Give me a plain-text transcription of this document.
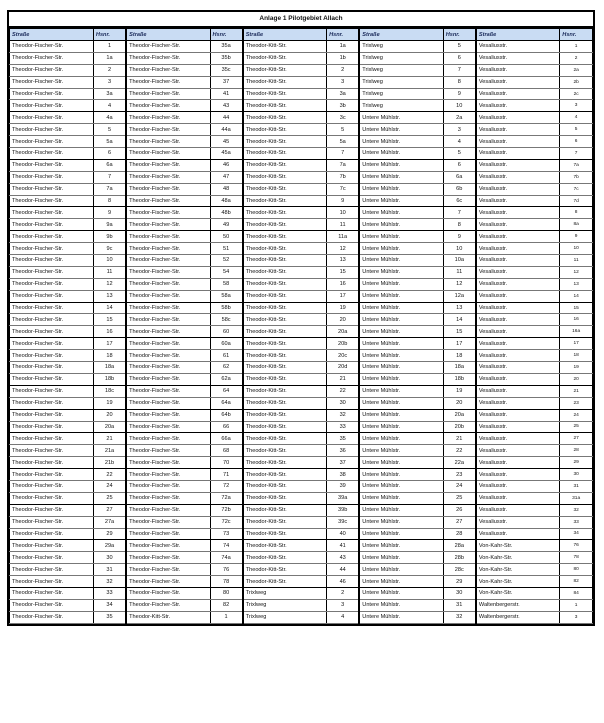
Anlage 1 Pilotgebiet Allach
Straße	Hsnr.	Straße	Hsnr.	Straße	Hsnr.	Straße	Hsnr.	Straße	Hsnr.
Theodor-Fischer-Str.	1	Theodor-Fischer-Str.	35a	Theodor-Kitt-Str.	1a	Trixlweg	5	Vesaliusstr.	1
Theodor-Fischer-Str.	1a	Theodor-Fischer-Str.	35b	Theodor-Kitt-Str.	1b	Trixlweg	6	Vesaliusstr.	2
Theodor-Fischer-Str.	2	Theodor-Fischer-Str.	35c	Theodor-Kitt-Str.	2	Trixlweg	7	Vesaliusstr.	2a
Theodor-Fischer-Str.	3	Theodor-Fischer-Str.	37	Theodor-Kitt-Str.	3	Trixlweg	8	Vesaliusstr.	2b
Theodor-Fischer-Str.	3a	Theodor-Fischer-Str.	41	Theodor-Kitt-Str.	3a	Trixlweg	9	Vesaliusstr.	2c
Theodor-Fischer-Str.	4	Theodor-Fischer-Str.	43	Theodor-Kitt-Str.	3b	Trixlweg	10	Vesaliusstr.	3
Theodor-Fischer-Str.	4a	Theodor-Fischer-Str.	44	Theodor-Kitt-Str.	3c	Untere Mühlstr.	2a	Vesaliusstr.	4
Theodor-Fischer-Str.	5	Theodor-Fischer-Str.	44a	Theodor-Kitt-Str.	5	Untere Mühlstr.	3	Vesaliusstr.	5
Theodor-Fischer-Str.	5a	Theodor-Fischer-Str.	45	Theodor-Kitt-Str.	5a	Untere Mühlstr.	4	Vesaliusstr.	6
Theodor-Fischer-Str.	6	Theodor-Fischer-Str.	45a	Theodor-Kitt-Str.	7	Untere Mühlstr.	5	Vesaliusstr.	7
Theodor-Fischer-Str.	6a	Theodor-Fischer-Str.	46	Theodor-Kitt-Str.	7a	Untere Mühlstr.	6	Vesaliusstr.	7a
Theodor-Fischer-Str.	7	Theodor-Fischer-Str.	47	Theodor-Kitt-Str.	7b	Untere Mühlstr.	6a	Vesaliusstr.	7b
Theodor-Fischer-Str.	7a	Theodor-Fischer-Str.	48	Theodor-Kitt-Str.	7c	Untere Mühlstr.	6b	Vesaliusstr.	7c
Theodor-Fischer-Str.	8	Theodor-Fischer-Str.	48a	Theodor-Kitt-Str.	9	Untere Mühlstr.	6c	Vesaliusstr.	7d
Theodor-Fischer-Str.	9	Theodor-Fischer-Str.	48b	Theodor-Kitt-Str.	10	Untere Mühlstr.	7	Vesaliusstr.	8
Theodor-Fischer-Str.	9a	Theodor-Fischer-Str.	49	Theodor-Kitt-Str.	11	Untere Mühlstr.	8	Vesaliusstr.	8a
Theodor-Fischer-Str.	9b	Theodor-Fischer-Str.	50	Theodor-Kitt-Str.	11a	Untere Mühlstr.	9	Vesaliusstr.	9
Theodor-Fischer-Str.	9c	Theodor-Fischer-Str.	51	Theodor-Kitt-Str.	12	Untere Mühlstr.	10	Vesaliusstr.	10
Theodor-Fischer-Str.	10	Theodor-Fischer-Str.	52	Theodor-Kitt-Str.	13	Untere Mühlstr.	10a	Vesaliusstr.	11
Theodor-Fischer-Str.	11	Theodor-Fischer-Str.	54	Theodor-Kitt-Str.	15	Untere Mühlstr.	11	Vesaliusstr.	12
Theodor-Fischer-Str.	12	Theodor-Fischer-Str.	58	Theodor-Kitt-Str.	16	Untere Mühlstr.	12	Vesaliusstr.	13
Theodor-Fischer-Str.	13	Theodor-Fischer-Str.	58a	Theodor-Kitt-Str.	17	Untere Mühlstr.	12a	Vesaliusstr.	14
Theodor-Fischer-Str.	14	Theodor-Fischer-Str.	58b	Theodor-Kitt-Str.	19	Untere Mühlstr.	13	Vesaliusstr.	15
Theodor-Fischer-Str.	15	Theodor-Fischer-Str.	58c	Theodor-Kitt-Str.	20	Untere Mühlstr.	14	Vesaliusstr.	16
Theodor-Fischer-Str.	16	Theodor-Fischer-Str.	60	Theodor-Kitt-Str.	20a	Untere Mühlstr.	15	Vesaliusstr.	16a
Theodor-Fischer-Str.	17	Theodor-Fischer-Str.	60a	Theodor-Kitt-Str.	20b	Untere Mühlstr.	17	Vesaliusstr.	17
Theodor-Fischer-Str.	18	Theodor-Fischer-Str.	61	Theodor-Kitt-Str.	20c	Untere Mühlstr.	18	Vesaliusstr.	18
Theodor-Fischer-Str.	18a	Theodor-Fischer-Str.	62	Theodor-Kitt-Str.	20d	Untere Mühlstr.	18a	Vesaliusstr.	19
Theodor-Fischer-Str.	18b	Theodor-Fischer-Str.	62a	Theodor-Kitt-Str.	21	Untere Mühlstr.	18b	Vesaliusstr.	20
Theodor-Fischer-Str.	18c	Theodor-Fischer-Str.	64	Theodor-Kitt-Str.	22	Untere Mühlstr.	19	Vesaliusstr.	21
Theodor-Fischer-Str.	19	Theodor-Fischer-Str.	64a	Theodor-Kitt-Str.	30	Untere Mühlstr.	20	Vesaliusstr.	23
Theodor-Fischer-Str.	20	Theodor-Fischer-Str.	64b	Theodor-Kitt-Str.	32	Untere Mühlstr.	20a	Vesaliusstr.	24
Theodor-Fischer-Str.	20a	Theodor-Fischer-Str.	66	Theodor-Kitt-Str.	33	Untere Mühlstr.	20b	Vesaliusstr.	25
Theodor-Fischer-Str.	21	Theodor-Fischer-Str.	66a	Theodor-Kitt-Str.	35	Untere Mühlstr.	21	Vesaliusstr.	27
Theodor-Fischer-Str.	21a	Theodor-Fischer-Str.	68	Theodor-Kitt-Str.	36	Untere Mühlstr.	22	Vesaliusstr.	28
Theodor-Fischer-Str.	21b	Theodor-Fischer-Str.	70	Theodor-Kitt-Str.	37	Untere Mühlstr.	22a	Vesaliusstr.	29
Theodor-Fischer-Str.	22	Theodor-Fischer-Str.	71	Theodor-Kitt-Str.	38	Untere Mühlstr.	23	Vesaliusstr.	30
Theodor-Fischer-Str.	24	Theodor-Fischer-Str.	72	Theodor-Kitt-Str.	39	Untere Mühlstr.	24	Vesaliusstr.	31
Theodor-Fischer-Str.	25	Theodor-Fischer-Str.	72a	Theodor-Kitt-Str.	39a	Untere Mühlstr.	25	Vesaliusstr.	31a
Theodor-Fischer-Str.	27	Theodor-Fischer-Str.	72b	Theodor-Kitt-Str.	39b	Untere Mühlstr.	26	Vesaliusstr.	32
Theodor-Fischer-Str.	27a	Theodor-Fischer-Str.	72c	Theodor-Kitt-Str.	39c	Untere Mühlstr.	27	Vesaliusstr.	33
Theodor-Fischer-Str.	29	Theodor-Fischer-Str.	73	Theodor-Kitt-Str.	40	Untere Mühlstr.	28	Vesaliusstr.	34
Theodor-Fischer-Str.	29a	Theodor-Fischer-Str.	74	Theodor-Kitt-Str.	41	Untere Mühlstr.	28a	Von-Kahr-Str.	76
Theodor-Fischer-Str.	30	Theodor-Fischer-Str.	74a	Theodor-Kitt-Str.	43	Untere Mühlstr.	28b	Von-Kahr-Str.	78
Theodor-Fischer-Str.	31	Theodor-Fischer-Str.	76	Theodor-Kitt-Str.	44	Untere Mühlstr.	28c	Von-Kahr-Str.	80
Theodor-Fischer-Str.	32	Theodor-Fischer-Str.	78	Theodor-Kitt-Str.	46	Untere Mühlstr.	29	Von-Kahr-Str.	82
Theodor-Fischer-Str.	33	Theodor-Fischer-Str.	80	Trixlweg	2	Untere Mühlstr.	30	Von-Kahr-Str.	84
Theodor-Fischer-Str.	34	Theodor-Fischer-Str.	82	Trixlweg	3	Untere Mühlstr.	31	Waltenbergerstr.	1
Theodor-Fischer-Str.	35	Theodor-Kitt-Str.	1	Trixlweg	4	Untere Mühlstr.	32	Waltenbergerstr.	3
